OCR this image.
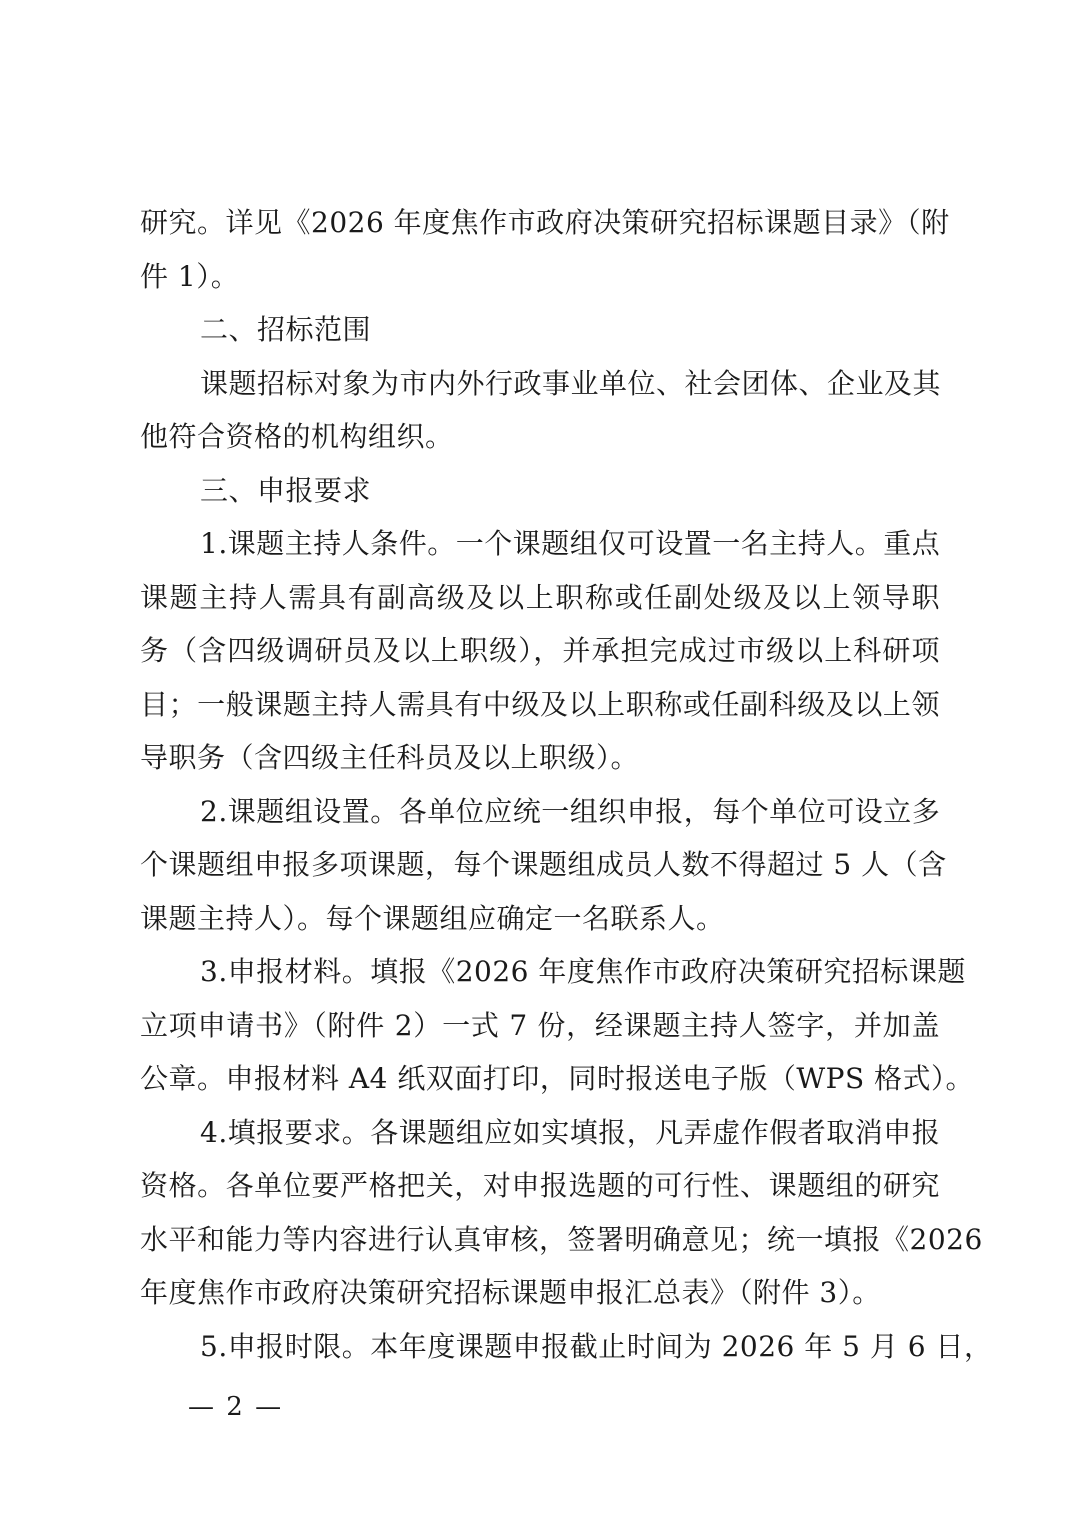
研究。详见《2026 年度焦作市政府决策研究招标课题目录》（附
件 1）。
二、招标范围
课题招标对象为市内外行政事业单位、社会团体、企业及其
他符合资格的机构组织。
三、申报要求
1.课题主持人条件。一个课题组仅可设置一名主持人。重点
课题主持人需具有副高级及以上职称或任副处级及以上领导职
务（含四级调研员及以上职级），并承担完成过市级以上科研项
目；一般课题主持人需具有中级及以上职称或任副科级及以上领
导职务（含四级主任科员及以上职级）。
2.课题组设置。各单位应统一组织申报，每个单位可设立多
个课题组申报多项课题，每个课题组成员人数不得超过 5 人（含
课题主持人）。每个课题组应确定一名联系人。
3.申报材料。填报《2026 年度焦作市政府决策研究招标课题
立项申请书》（附件 2）一式 7 份，经课题主持人签字，并加盖
公章。申报材料 A4 纸双面打印，同时报送电子版（WPS 格式）。
4.填报要求。各课题组应如实填报，凡弄虚作假者取消申报
资格。各单位要严格把关，对申报选题的可行性、课题组的研究
水平和能力等内容进行认真审核，签署明确意见；统一填报《2026
年度焦作市政府决策研究招标课题申报汇总表》（附件 3）。
5.申报时限。本年度课题申报截止时间为 2026 年 5 月 6 日，
— 2 —
